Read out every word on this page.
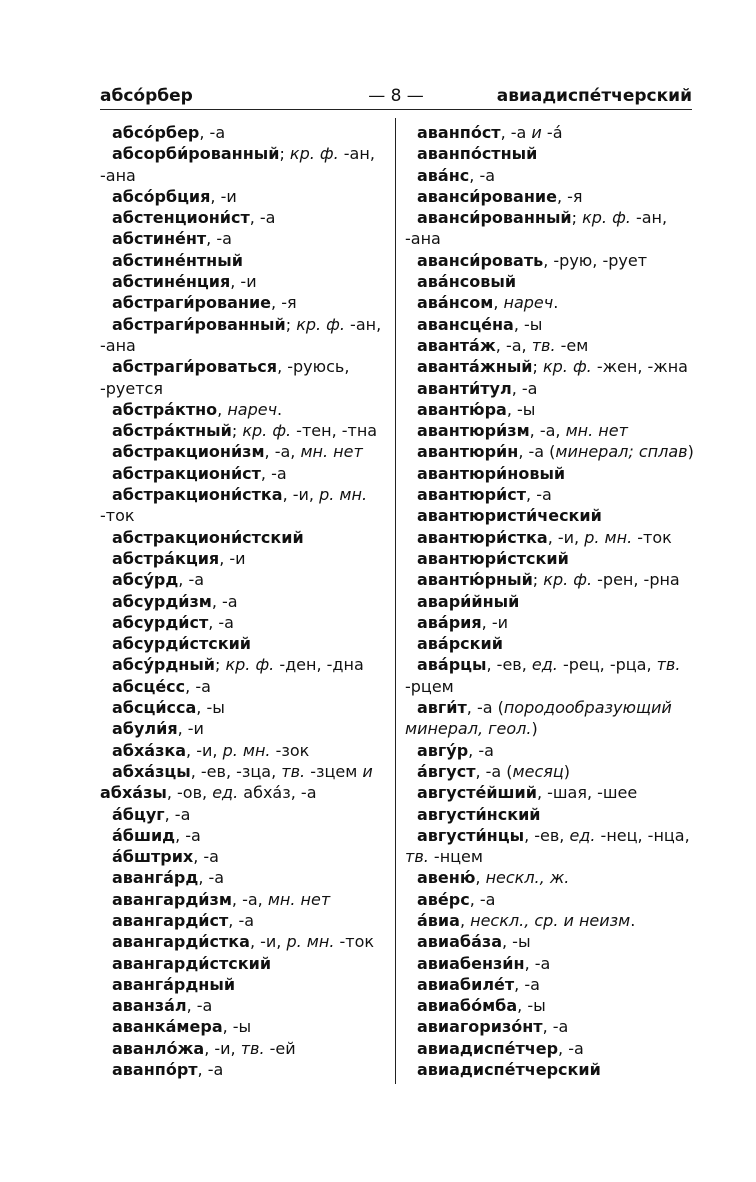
— 8 —
абсо́рбер	авиадиспе́тчерский
абсо́рбер, -а
абсорби́рованный; кр. ф. -ан,
-ана
абсо́рбция, -и
абстенциони́ст, -а
абстине́нт, -а
абстине́нтный
абстине́нция, -и
абстраги́рование, -я
абстраги́рованный; кр. ф. -ан,
-ана
абстраги́роваться, -руюсь,
-руется
абстра́ктно, нареч.
абстра́ктный; кр. ф. -тен, -тна
абстракциони́зм, -а, мн. нет
абстракциони́ст, -а
абстракциони́стка, -и, р. мн.
-ток
абстракциони́стский
абстра́кция, -и
абсу́рд, -а
абсурди́зм, -а
абсурди́ст, -а
абсурди́стский
абсу́рдный; кр. ф. -ден, -дна
абсце́сс, -а
абсци́сса, -ы
абули́я, -и
абха́зка, -и, р. мн. -зок
абха́зцы, -ев, -зца, тв. -зцем и
абха́зы, -ов, ед. абха́з, -а
а́бцуг, -а
а́бшид, -а
а́бштрих, -а
аванга́рд, -а
авангарди́зм, -а, мн. нет
авангарди́ст, -а
авангарди́стка, -и, р. мн. -ток
авангарди́стский
аванга́рдный
аванза́л, -а
аванка́мера, -ы
аванло́жа, -и, тв. -ей
аванпо́рт, -а
аванпо́ст, -а и -а́
аванпо́стный
ава́нс, -а
аванси́рование, -я
аванси́рованный; кр. ф. -ан,
-ана
аванси́ровать, -рую, -рует
ава́нсовый
ава́нсом, нареч.
авансце́на, -ы
аванта́ж, -а, тв. -ем
аванта́жный; кр. ф. -жен, -жна
аванти́тул, -а
авантю́ра, -ы
авантюри́зм, -а, мн. нет
авантюри́н, -а (минерал; сплав)
авантюри́новый
авантюри́ст, -а
авантюристи́ческий
авантюри́стка, -и, р. мн. -ток
авантюри́стский
авантю́рный; кр. ф. -рен, -рна
авари́йный
ава́рия, -и
ава́рский
ава́рцы, -ев, ед. -рец, -рца, тв.
-рцем
авги́т, -а (породообразующий
минерал, геол.)
авгу́р, -а
а́вгуст, -а (месяц)
августе́йший, -шая, -шее
августи́нский
августи́нцы, -ев, ед. -нец, -нца,
тв. -нцем
авеню́, нескл., ж.
аве́рс, -а
а́виа, нескл., ср. и неизм.
авиаба́за, -ы
авиабензи́н, -а
авиабиле́т, -а
авиабо́мба, -ы
авиагоризо́нт, -а
авиадиспе́тчер, -а
авиадиспе́тчерский
